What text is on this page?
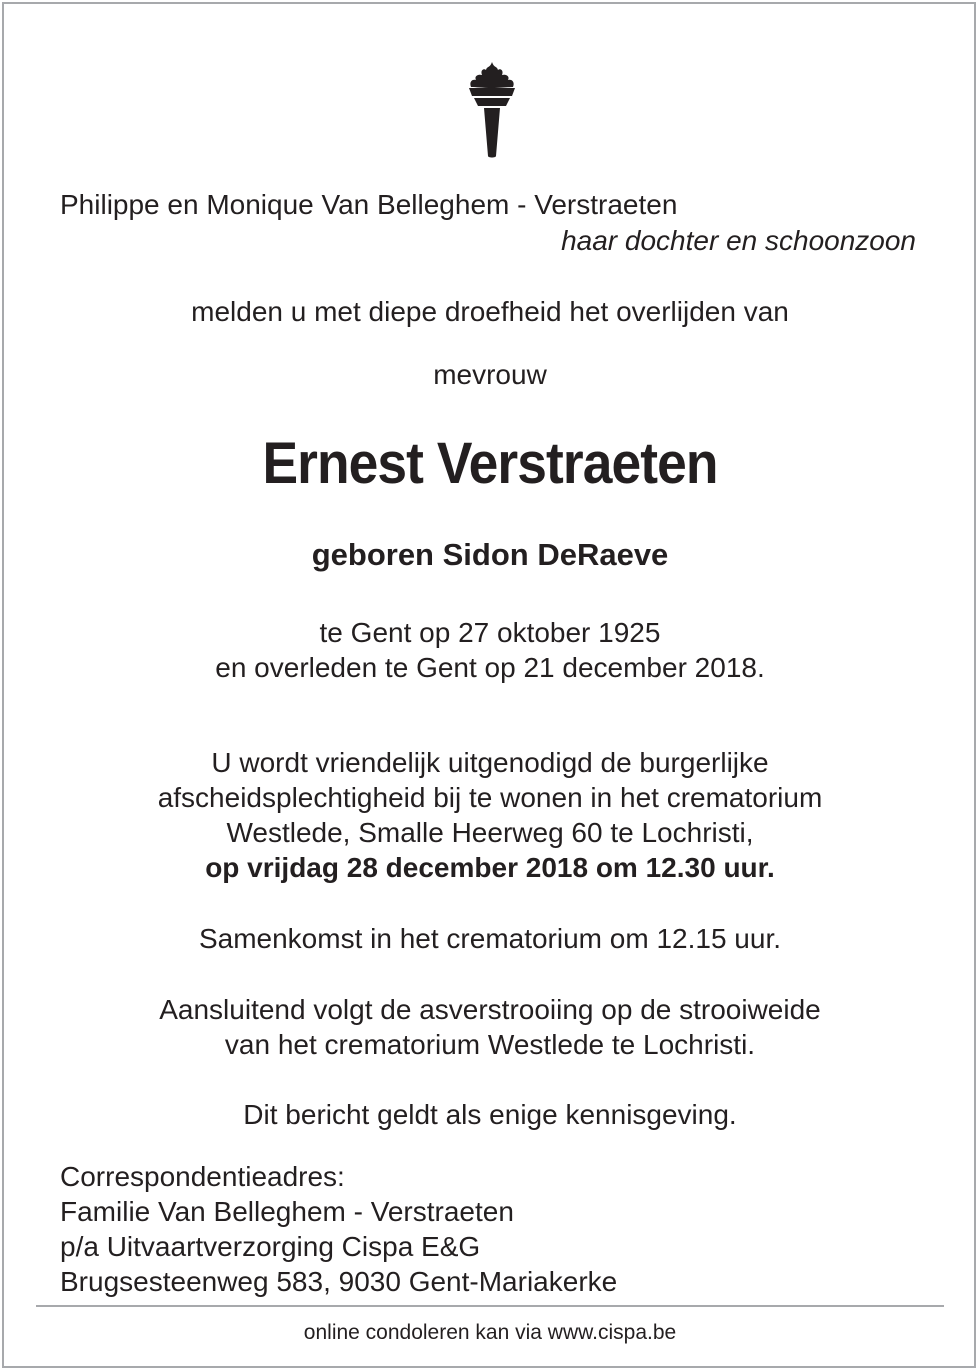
Philippe en Monique Van Belleghem - Verstraeten
haar dochter en schoonzoon
melden u met diepe droefheid het overlijden van
mevrouw
Ernest Verstraeten
geboren Sidon DeRaeve
te Gent op 27 oktober 1925
en overleden te Gent op 21 december 2018.
U wordt vriendelijk uitgenodigd de burgerlijke
afscheidsplechtigheid bij te wonen in het crematorium
Westlede, Smalle Heerweg 60 te Lochristi,
op vrijdag 28 december 2018 om 12.30 uur.
Samenkomst in het crematorium om 12.15 uur.
Aansluitend volgt de asverstrooiing op de strooiweide
van het crematorium Westlede te Lochristi.
Dit bericht geldt als enige kennisgeving.
Correspondentieadres:
Familie Van Belleghem - Verstraeten
p/a Uitvaartverzorging Cispa E&G
Brugsesteenweg 583, 9030 Gent-Mariakerke
online condoleren kan via www.cispa.be
